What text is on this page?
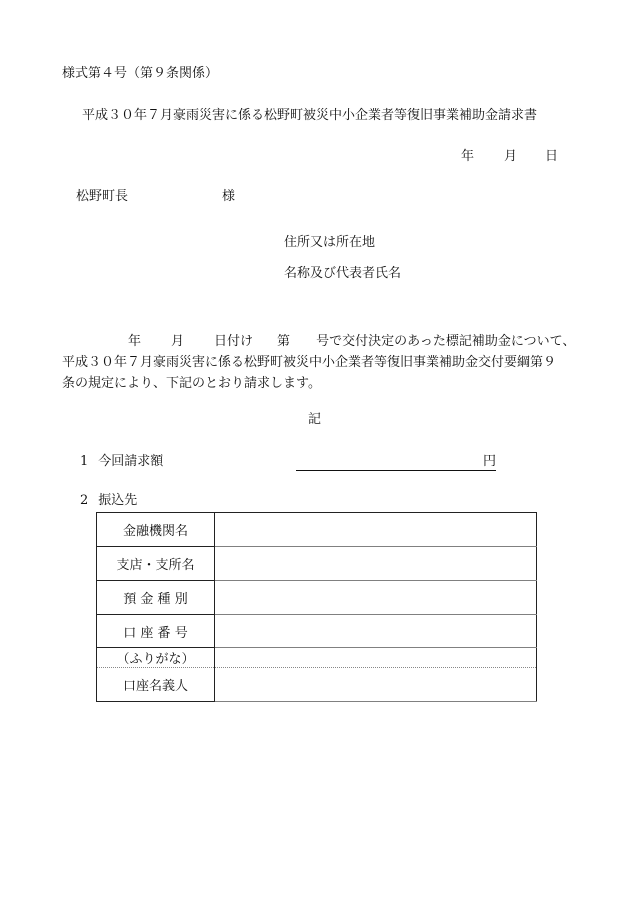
様式第４号（第９条関係）
平成３０年７月豪雨災害に係る松野町被災中小企業者等復旧事業補助金請求書
年 月 日
松野町長	様
住所又は所在地
名称及び代表者氏名
年 月 日付け 第 号で交付決定のあった標記補助金について、
平成３０年７月豪雨災害に係る松野町被災中小企業者等復旧事業補助金交付要綱第９
条の規定により、下記のとおり請求します。
記
1 今回請求額	円
2 振込先
金融機関名	
支店・支所名	
預 金 種 別	
口 座 番 号	
（ふりがな）	
口座名義人	
